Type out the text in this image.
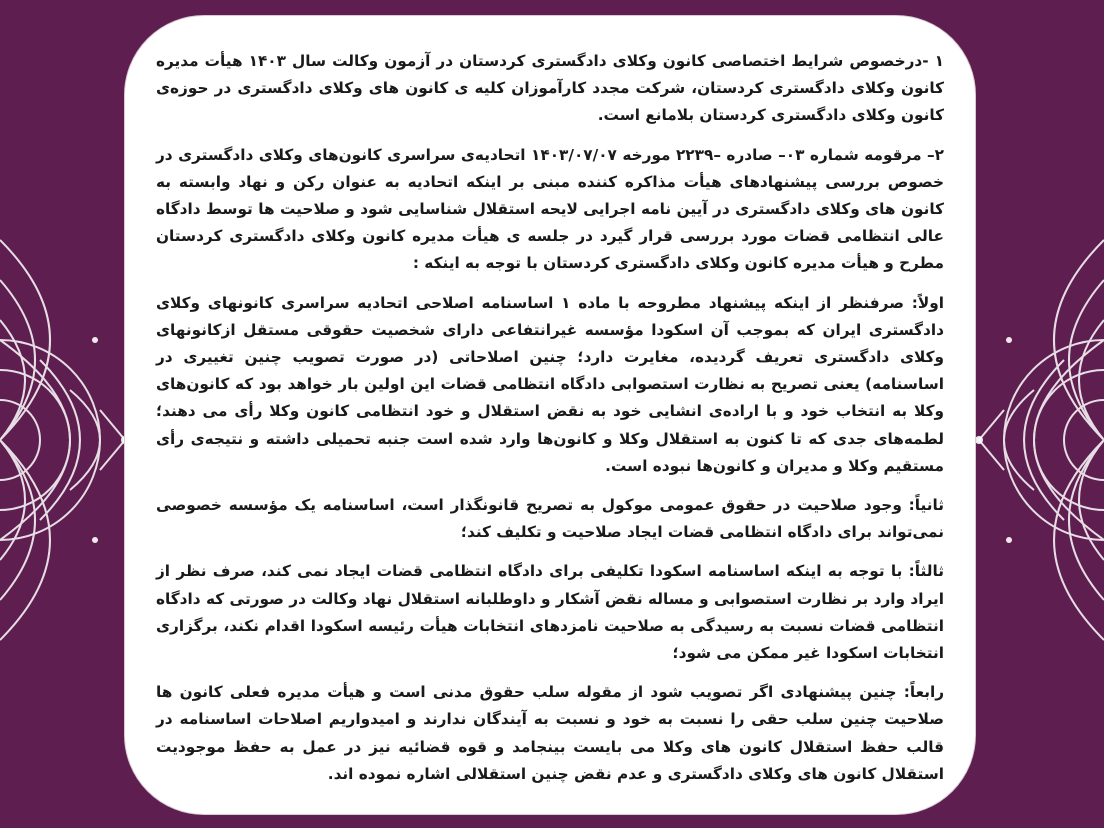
۱ -درخصوص شرایط اختصاصی کانون وکلای دادگستری کردستان در آزمون وکالت سال ۱۴۰۳ هیأت مدیره کانون وکلای دادگستری کردستان، شرکت مجدد کارآموزان کلیه ی کانون های وکلای دادگستری در حوزه‌ی کانون وکلای دادگستری کردستان بلامانع است.

۲– مرقومه شماره ۰۳– صادره –۲۲۳۹ مورخه ۱۴۰۳/۰۷/۰۷ اتحادیه‌ی سراسری کانون‌های وکلای دادگستری در خصوص بررسی پیشنهادهای هیأت مذاکره کننده مبنی بر اینکه اتحادیه به عنوان رکن و نهاد وابسته به کانون های وکلای دادگستری در آیین نامه اجرایی لایحه استقلال شناسایی شود و صلاحیت ها توسط دادگاه عالی انتظامی قضات مورد بررسی قرار گیرد در جلسه ی هیأت مدیره کانون وکلای دادگستری کردستان مطرح و هیأت مدیره کانون وکلای دادگستری کردستان با توجه به اینکه :

اولاً: صرفنظر از اینکه پیشنهاد مطروحه با ماده ۱ اساسنامه اصلاحی اتحادیه سراسری کانونهای وکلای دادگستری ایران که بموجب آن اسکودا مؤسسه غیرانتفاعی دارای شخصیت حقوقی مستقل ازکانونهای وکلای دادگستری تعریف گردیده، مغایرت دارد؛ چنین اصلاحاتی (در صورت تصویب چنین تغییری در اساسنامه) یعنی تصریح به نظارت استصوابی دادگاه انتظامی قضات این اولین بار خواهد بود که کانون‌های وکلا به انتخاب خود و با اراده‌ی انشایی خود به نقض استقلال و خود انتظامی کانون وکلا رأی می دهند؛ لطمه‌های جدی که تا کنون به استقلال وکلا و کانون‌ها وارد شده است جنبه تحمیلی داشته و نتیجه‌ی رأی مستقیم وکلا و مدیران و کانون‌ها نبوده است.

ثانیاً: وجود صلاحیت در حقوق عمومی موکول به تصریح قانونگذار است، اساسنامه یک مؤسسه خصوصی نمی‌تواند برای دادگاه انتظامی قضات ایجاد صلاحیت و تکلیف کند؛

ثالثاً: با توجه به اینکه اساسنامه اسکودا تکلیفی برای دادگاه انتظامی قضات ایجاد نمی کند، صرف نظر از ایراد وارد بر نظارت استصوابی و مساله نقض آشکار و داوطلبانه استقلال نهاد وکالت در صورتی که دادگاه انتظامی قضات نسبت به رسیدگی به صلاحیت نامزدهای انتخابات هیأت رئیسه اسکودا اقدام نکند، برگزاری انتخابات اسکودا غیر ممکن می شود؛

رابعاً: چنین پیشنهادی اگر تصویب شود از مقوله سلب حقوق مدنی است و هیأت مدیره فعلی کانون ها صلاحیت چنین سلب حقی را نسبت به خود و نسبت به آیندگان ندارند و امیدواریم اصلاحات اساسنامه در قالب حفظ استقلال کانون های وکلا می بایست بینجامد و قوه قضائیه نیز در عمل به حفظ موجودیت استقلال کانون های وکلای دادگستری و عدم نقض چنین استقلالی اشاره نموده اند.
